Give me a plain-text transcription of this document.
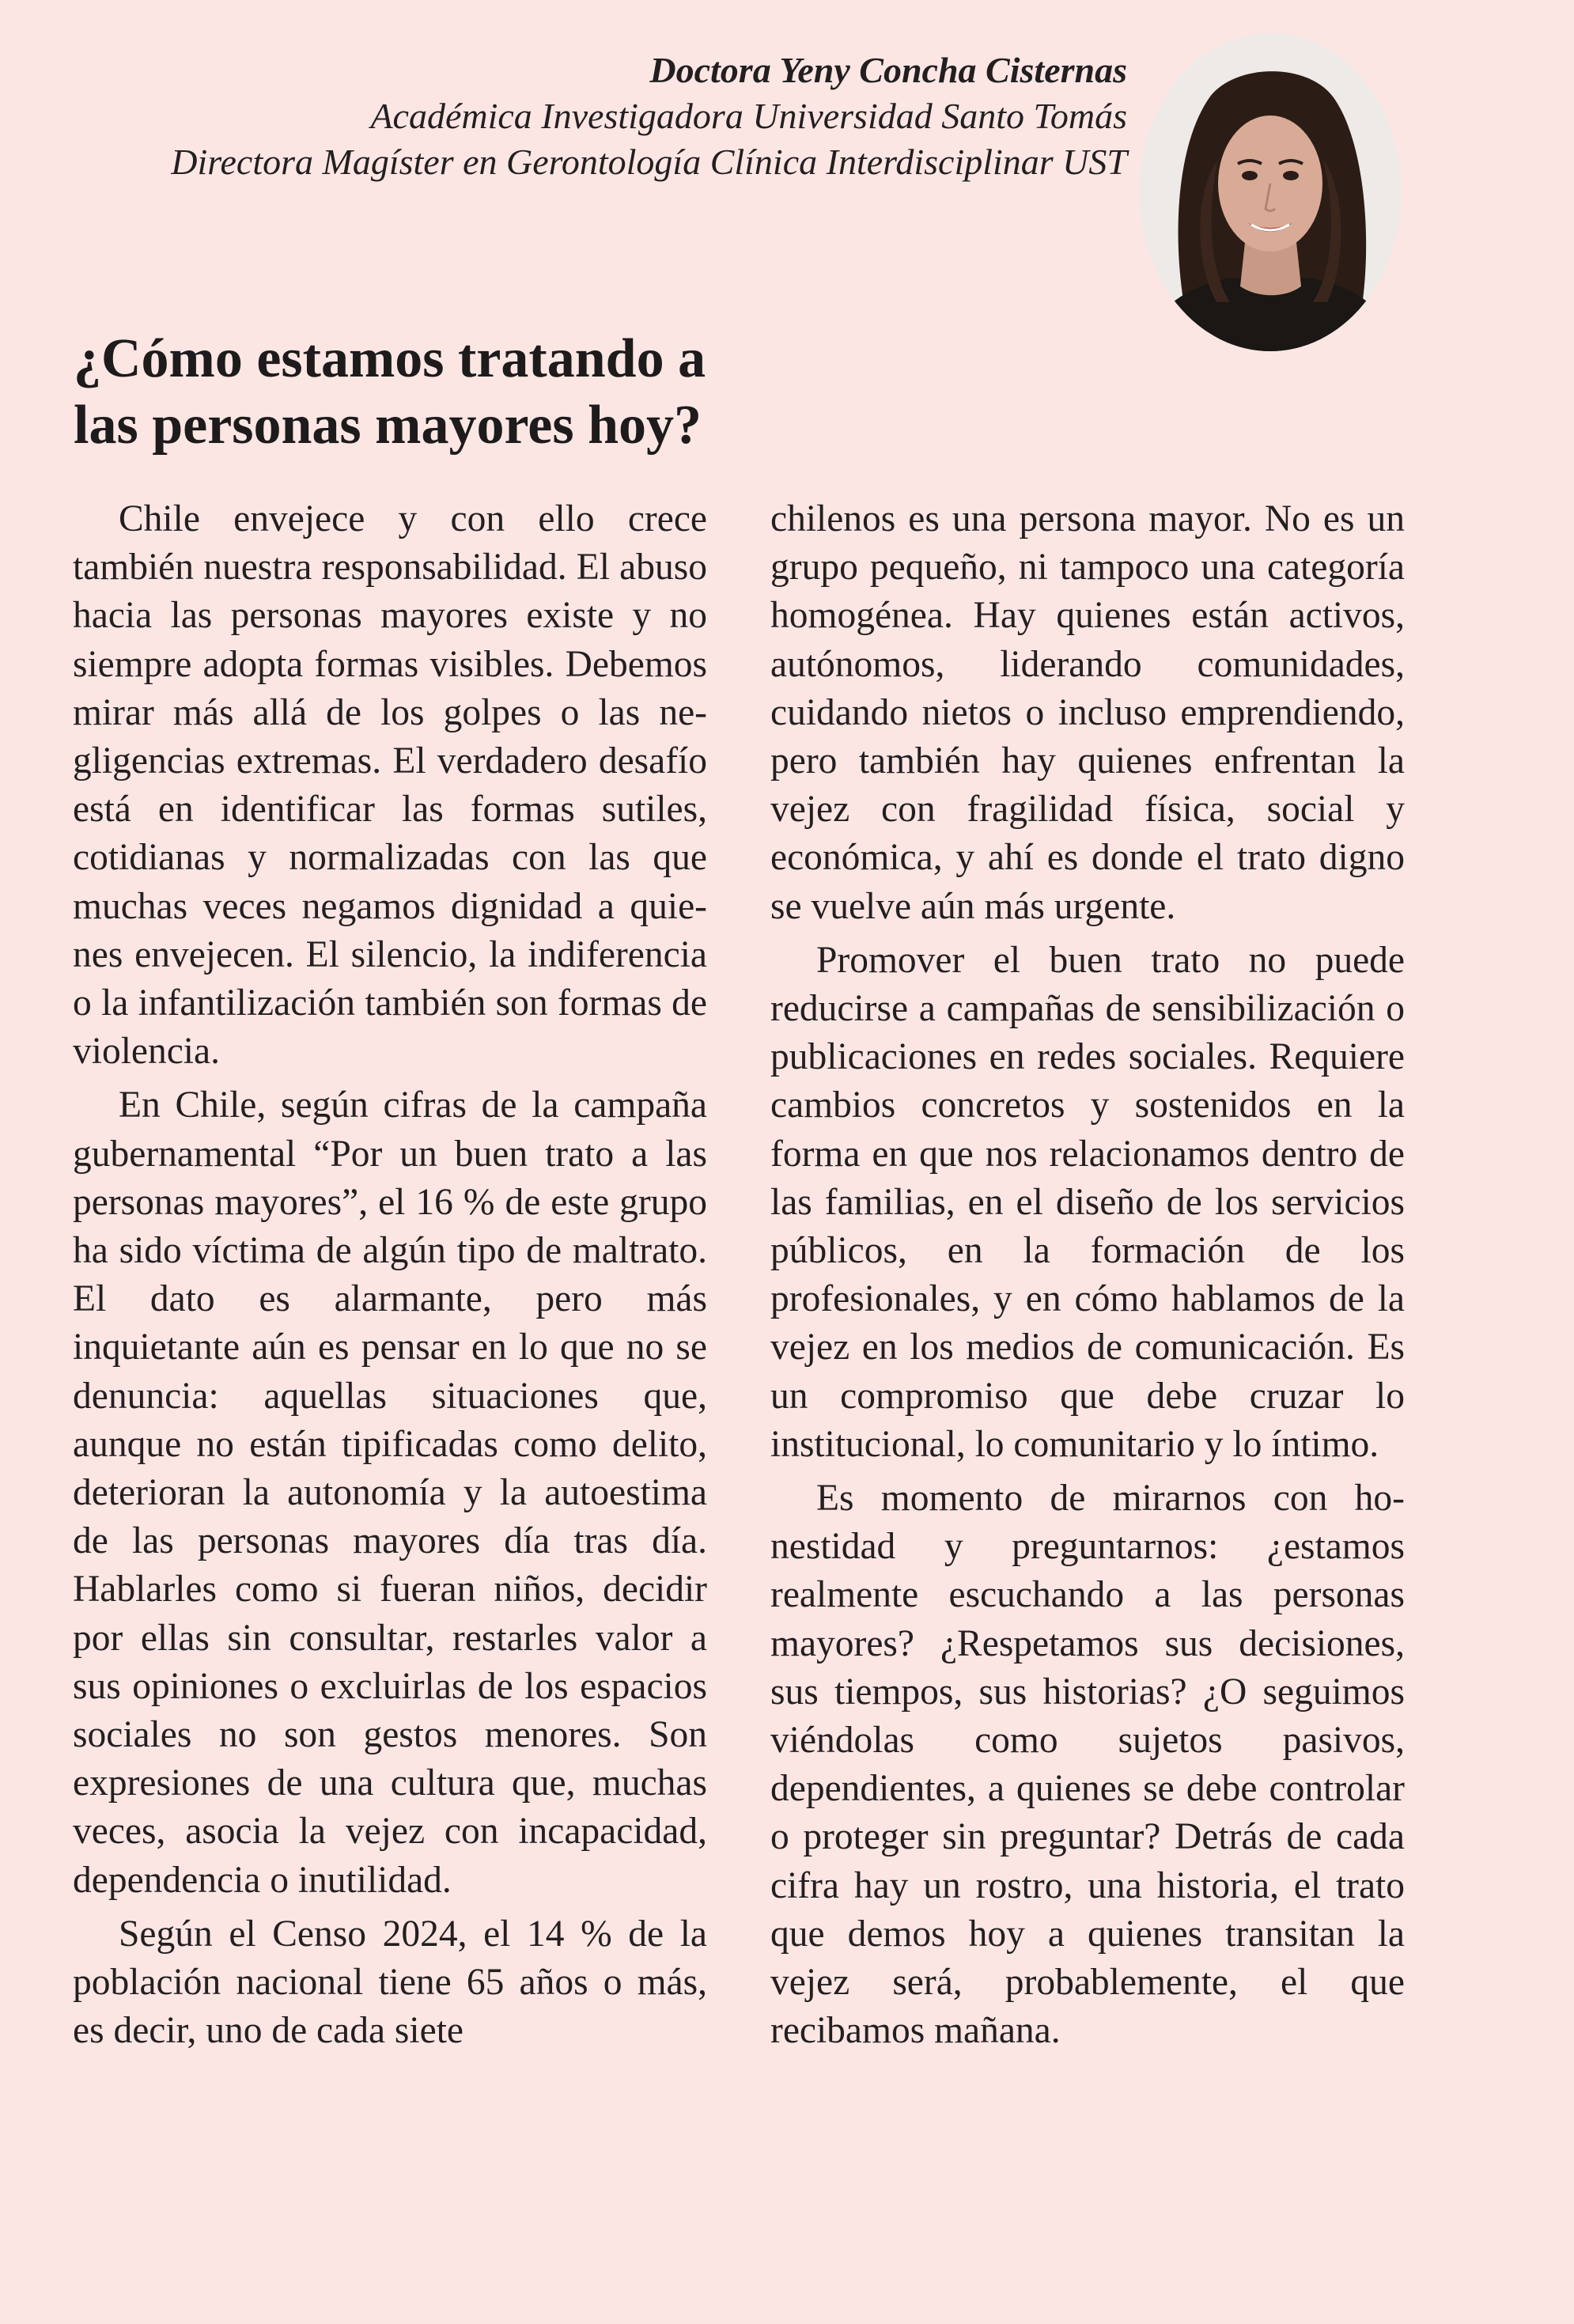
Doctora Yeny Concha Cisternas
Académica Investigadora Universidad Santo Tomás
Directora Magíster en Gerontología Clínica Interdisciplinar UST
¿Cómo estamos tratando a
las personas mayores hoy?

Chile envejece y con ello crece también nuestra responsabilidad. El abuso hacia las personas mayores existe y no siempre adopta formas visibles. Debemos mirar más allá de los golpes o las negligencias extremas. El verdadero desafío está en identificar las formas sutiles, cotidianas y normalizadas con las que muchas veces negamos dignidad a quienes envejecen. El silencio, la indiferencia o la infantilización también son formas de violencia.

En Chile, según cifras de la campaña gubernamental “Por un buen trato a las personas mayores”, el 16 % de este grupo ha sido víctima de algún tipo de maltrato. El dato es alarmante, pero más inquietante aún es pensar en lo que no se denuncia: aquellas situaciones que, aunque no están tipificadas como delito, deterioran la autonomía y la autoestima de las personas mayores día tras día. Hablarles como si fueran niños, decidir por ellas sin consultar, restarles valor a sus opiniones o excluirlas de los espacios sociales no son gestos menores. Son expresiones de una cultura que, muchas veces, asocia la vejez con incapacidad, dependencia o inutilidad.

Según el Censo 2024, el 14 % de la población nacional tiene 65 años o más, es decir, uno de cada siete

chilenos es una persona mayor. No es un grupo pequeño, ni tampoco una categoría homogénea. Hay quienes están activos, autónomos, liderando comunidades, cuidando nietos o incluso emprendiendo, pero también hay quienes enfrentan la vejez con fragilidad física, social y económica, y ahí es donde el trato digno se vuelve aún más urgente.

Promover el buen trato no puede reducirse a campañas de sensibilización o publicaciones en redes sociales. Requiere cambios concretos y sostenidos en la forma en que nos relacionamos dentro de las familias, en el diseño de los servicios públicos, en la formación de los profesionales, y en cómo hablamos de la vejez en los medios de comunicación. Es un compromiso que debe cruzar lo institucional, lo comunitario y lo íntimo.

Es momento de mirarnos con honestidad y preguntarnos: ¿estamos realmente escuchando a las personas mayores? ¿Respetamos sus decisiones, sus tiempos, sus historias? ¿O seguimos viéndolas como sujetos pasivos, dependientes, a quienes se debe controlar o proteger sin preguntar? Detrás de cada cifra hay un rostro, una historia, el trato que demos hoy a quienes transitan la vejez será, probablemente, el que recibamos mañana.
